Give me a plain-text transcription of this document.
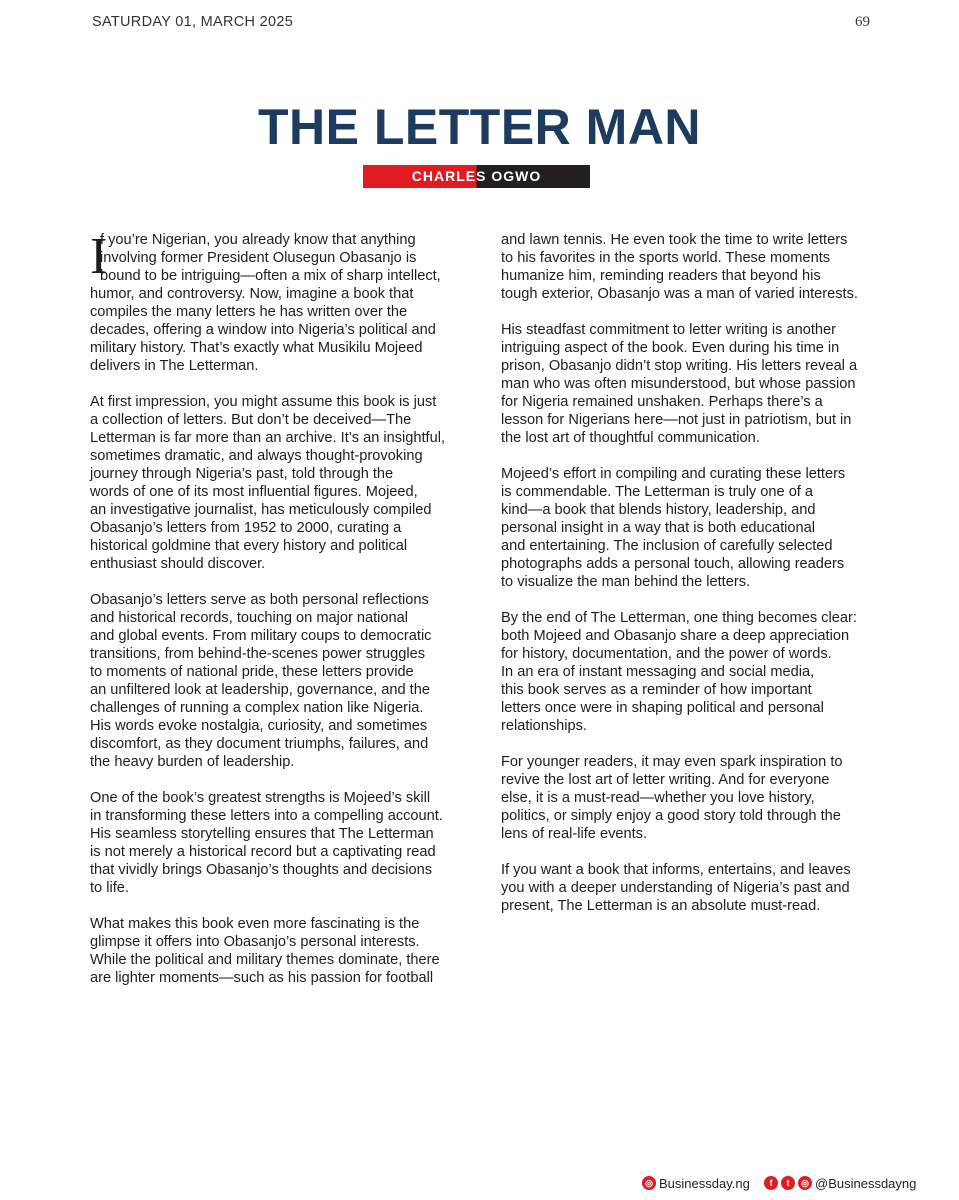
SATURDAY 01, MARCH 2025	69
THE LETTER MAN
CHARLES OGWO

I
f you’re Nigerian, you already know that anything
involving former President Olusegun Obasanjo is
bound to be intriguing—often a mix of sharp intellect,
humor, and controversy. Now, imagine a book that
compiles the many letters he has written over the
decades, offering a window into Nigeria’s political and
military history. That’s exactly what Musikilu Mojeed
delivers in The Letterman.

At first impression, you might assume this book is just
a collection of letters. But don’t be deceived—The
Letterman is far more than an archive. It’s an insightful,
sometimes dramatic, and always thought-provoking
journey through Nigeria’s past, told through the
words of one of its most influential figures. Mojeed,
an investigative journalist, has meticulously compiled
Obasanjo’s letters from 1952 to 2000, curating a
historical goldmine that every history and political
enthusiast should discover.

Obasanjo’s letters serve as both personal reflections
and historical records, touching on major national
and global events. From military coups to democratic
transitions, from behind-the-scenes power struggles
to moments of national pride, these letters provide
an unfiltered look at leadership, governance, and the
challenges of running a complex nation like Nigeria.
His words evoke nostalgia, curiosity, and sometimes
discomfort, as they document triumphs, failures, and
the heavy burden of leadership.

One of the book’s greatest strengths is Mojeed’s skill
in transforming these letters into a compelling account.
His seamless storytelling ensures that The Letterman
is not merely a historical record but a captivating read
that vividly brings Obasanjo’s thoughts and decisions
to life.

What makes this book even more fascinating is the
glimpse it offers into Obasanjo’s personal interests.
While the political and military themes dominate, there
are lighter moments—such as his passion for football

and lawn tennis. He even took the time to write letters
to his favorites in the sports world. These moments
humanize him, reminding readers that beyond his
tough exterior, Obasanjo was a man of varied interests.

His steadfast commitment to letter writing is another
intriguing aspect of the book. Even during his time in
prison, Obasanjo didn’t stop writing. His letters reveal a
man who was often misunderstood, but whose passion
for Nigeria remained unshaken. Perhaps there’s a
lesson for Nigerians here—not just in patriotism, but in
the lost art of thoughtful communication.

Mojeed’s effort in compiling and curating these letters
is commendable. The Letterman is truly one of a
kind—a book that blends history, leadership, and
personal insight in a way that is both educational
and entertaining. The inclusion of carefully selected
photographs adds a personal touch, allowing readers
to visualize the man behind the letters.

By the end of The Letterman, one thing becomes clear:
both Mojeed and Obasanjo share a deep appreciation
for history, documentation, and the power of words.
In an era of instant messaging and social media,
this book serves as a reminder of how important
letters once were in shaping political and personal
relationships.

For younger readers, it may even spark inspiration to
revive the lost art of letter writing. And for everyone
else, it is a must-read—whether you love history,
politics, or simply enjoy a good story told through the
lens of real-life events.

If you want a book that informs, entertains, and leaves
you with a deeper understanding of Nigeria’s past and
present, The Letterman is an absolute must-read.

◎ Businessday.ng	f	t	◎ @Businessdayng
